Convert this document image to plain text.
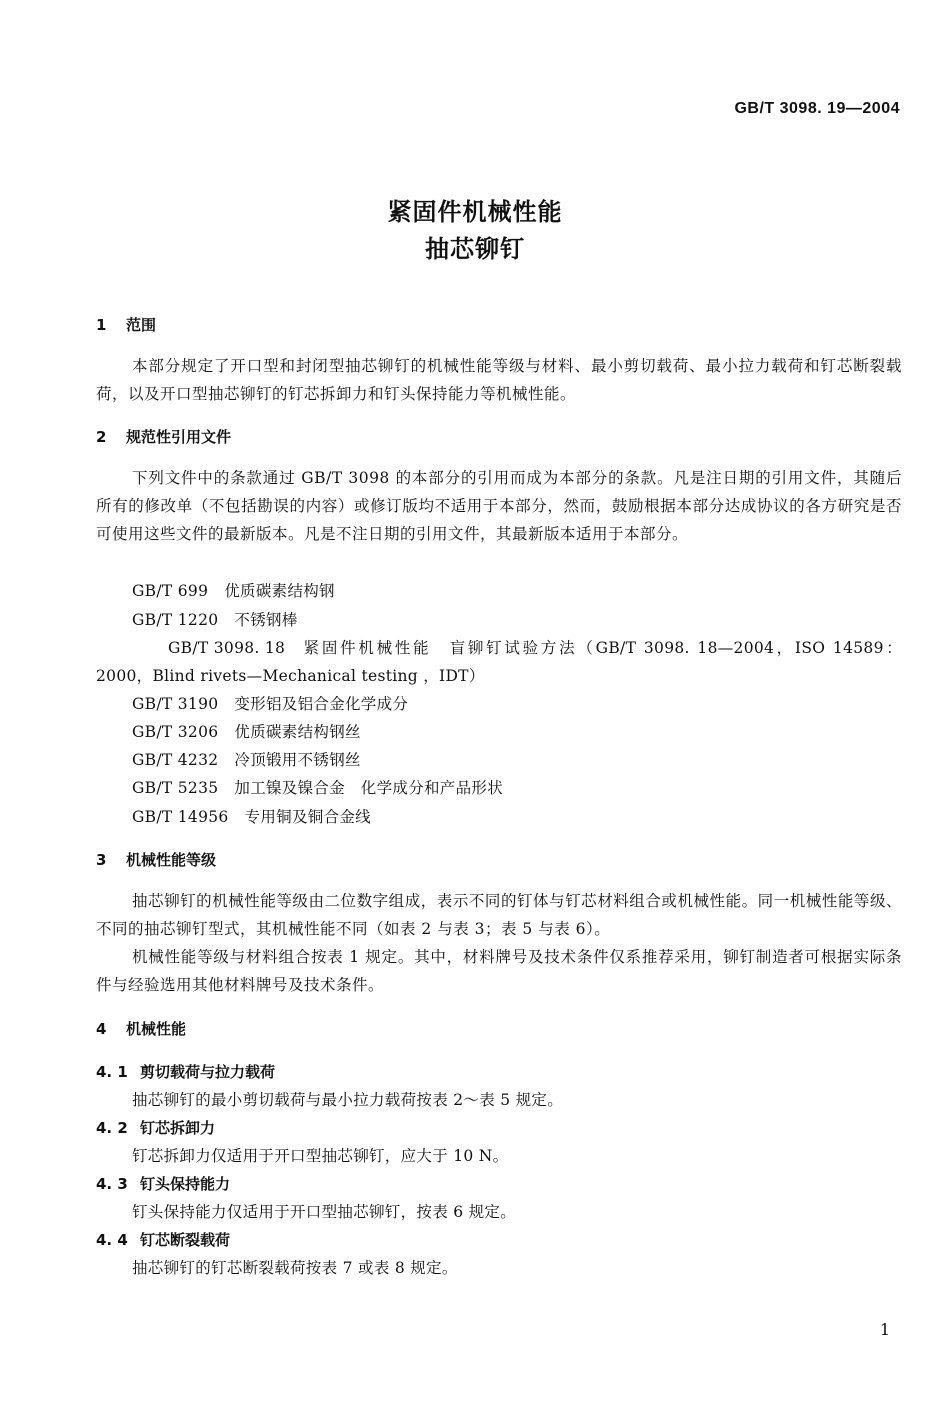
GB/T 3098. 19—2004
紧固件机械性能
抽芯铆钉
1 范围
本部分规定了开口型和封闭型抽芯铆钉的机械性能等级与材料、最小剪切载荷、最小拉力载荷和钉芯断裂载荷，以及开口型抽芯铆钉的钉芯拆卸力和钉头保持能力等机械性能。
2 规范性引用文件
下列文件中的条款通过 GB/T 3098 的本部分的引用而成为本部分的条款。凡是注日期的引用文件，其随后所有的修改单（不包括勘误的内容）或修订版均不适用于本部分，然而，鼓励根据本部分达成协议的各方研究是否可使用这些文件的最新版本。凡是不注日期的引用文件，其最新版本适用于本部分。
GB/T 699 优质碳素结构钢
GB/T 1220 不锈钢棒
GB/T 3098. 18 紧固件机械性能　盲铆钉试验方法（GB/T 3098. 18—2004，ISO 14589：2000，Blind rivets—Mechanical testing ，IDT）
GB/T 3190 变形铝及铝合金化学成分
GB/T 3206 优质碳素结构钢丝
GB/T 4232 冷顶锻用不锈钢丝
GB/T 5235 加工镍及镍合金　化学成分和产品形状
GB/T 14956 专用铜及铜合金线
3 机械性能等级
抽芯铆钉的机械性能等级由二位数字组成，表示不同的钉体与钉芯材料组合或机械性能。同一机械性能等级、不同的抽芯铆钉型式，其机械性能不同（如表 2 与表 3；表 5 与表 6）。
机械性能等级与材料组合按表 1 规定。其中，材料牌号及技术条件仅系推荐采用，铆钉制造者可根据实际条件与经验选用其他材料牌号及技术条件。
4 机械性能
4. 1 剪切载荷与拉力载荷
抽芯铆钉的最小剪切载荷与最小拉力载荷按表 2～表 5 规定。
4. 2 钉芯拆卸力
钉芯拆卸力仅适用于开口型抽芯铆钉，应大于 10 N。
4. 3 钉头保持能力
钉头保持能力仅适用于开口型抽芯铆钉，按表 6 规定。
4. 4 钉芯断裂载荷
抽芯铆钉的钉芯断裂载荷按表 7 或表 8 规定。
1
